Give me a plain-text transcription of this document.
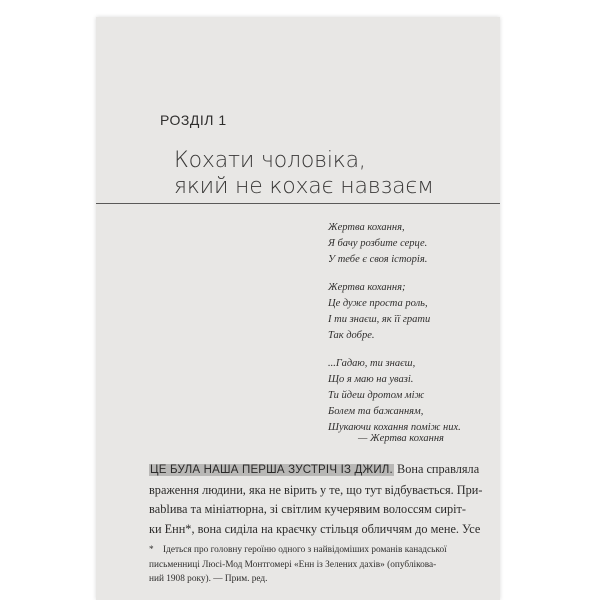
РОЗДІЛ 1
Кохати чоловіка,
який не кохає навзаєм
Жертва кохання,
Я бачу розбите серце.
У тебе є своя історія.
Жертва кохання;
Це дуже проста роль,
І ти знаєш, як її грати
Так добре.
...Гадаю, ти знаєш,
Що я маю на увазі.
Ти йдеш дротом між
Болем та бажанням,
Шукаючи кохання поміж них.
— Жертва кохання
ЦЕ БУЛА НАША ПЕРША ЗУСТРІЧ ІЗ ДЖИЛ. Вона справляла
враження людини, яка не вірить у те, що тут відбувається. При-
вablива та мініатюрна, зі світлим кучерявим волоссям сиріт-
ки Енн*, вона сиділа на краєчку стільця обличчям до мене. Усе
* Ідеться про головну героїню одного з найвідоміших романів канадської
письменниці Люсі-Мод Монтгомері «Енн із Зелених дахів» (опублікова-
ний 1908 року). — Прим. ред.
